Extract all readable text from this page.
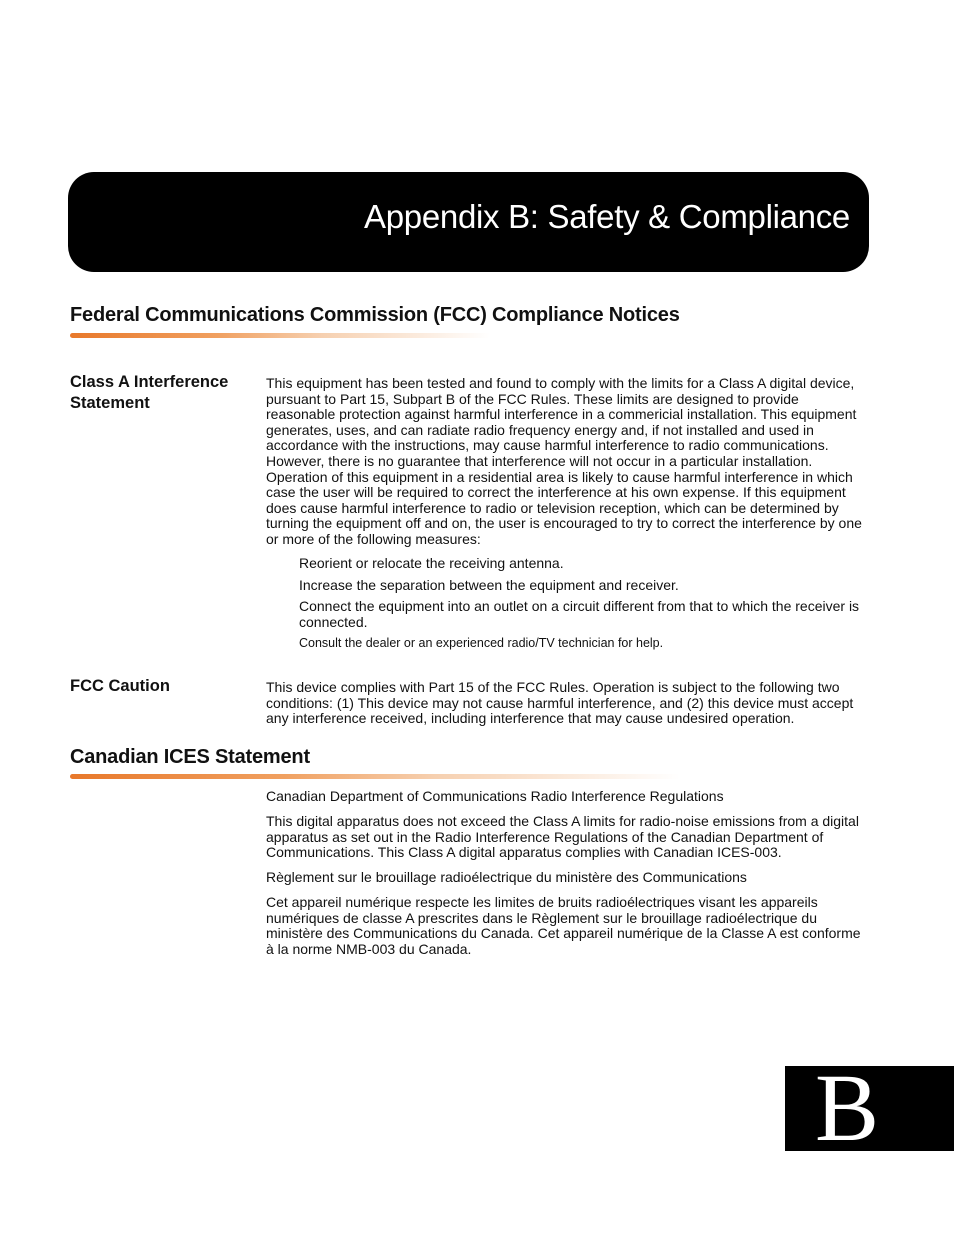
Appendix B: Safety & Compliance
Federal Communications Commission (FCC) Compliance Notices
Class A Interference Statement

This equipment has been tested and found to comply with the limits for a Class A digital device, pursuant to Part 15, Subpart B of the FCC Rules. These limits are designed to provide reasonable protection against harmful interference in a commericial installation. This equipment generates, uses, and can radiate radio frequency energy and, if not installed and used in accordance with the instructions, may cause harmful interference to radio communications. However, there is no guarantee that interference will not occur in a particular installation. Operation of this equipment in a residential area is likely to cause harmful interference in which case the user will be required to correct the interference at his own expense. If this equipment does cause harmful interference to radio or television reception, which can be determined by turning the equipment off and on, the user is encouraged to try to correct the interference by one or more of the following measures:

Reorient or relocate the receiving antenna.
Increase the separation between the equipment and receiver.
Connect the equipment into an outlet on a circuit different from that to which the receiver is connected.
Consult the dealer or an experienced radio/TV technician for help.
FCC Caution	This device complies with Part 15 of the FCC Rules. Operation is subject to the following two conditions: (1) This device may not cause harmful interference, and (2) this device must accept any interference received, including interference that may cause undesired operation.

Canadian ICES Statement

Canadian Department of Communications Radio Interference Regulations

This digital apparatus does not exceed the Class A limits for radio-noise emissions from a digital apparatus as set out in the Radio Interference Regulations of the Canadian Department of Communications. This Class A digital apparatus complies with Canadian ICES-003.

Règlement sur le brouillage radioélectrique du ministère des Communications

Cet appareil numérique respecte les limites de bruits radioélectriques visant les appareils numériques de classe A prescrites dans le Règlement sur le brouillage radioélectrique du ministère des Communications du Canada. Cet appareil numérique de la Classe A est conforme à la norme NMB-003 du Canada.

B
